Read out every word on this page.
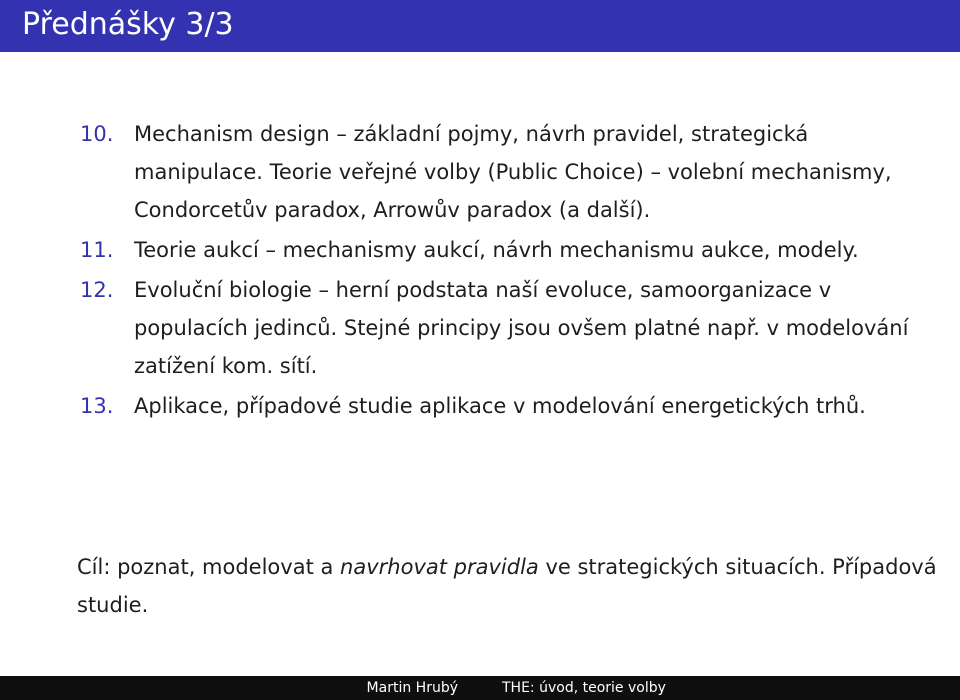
Přednášky 3/3
10. Mechanism design – základní pojmy, návrh pravidel, strategická manipulace. Teorie veřejné volby (Public Choice) – volební mechanismy, Condorcetův paradox, Arrowův paradox (a další).
11. Teorie aukcí – mechanismy aukcí, návrh mechanismu aukce, modely.
12. Evoluční biologie – herní podstata naší evoluce, samoorganizace v populacích jedinců. Stejné principy jsou ovšem platné např. v modelování zatížení kom. sítí.
13. Aplikace, případové studie aplikace v modelování energetických trhů.

Cíl: poznat, modelovat a navrhovat pravidla ve strategických situacích. Případová studie.

Martin Hrubý	THE: úvod, teorie volby
